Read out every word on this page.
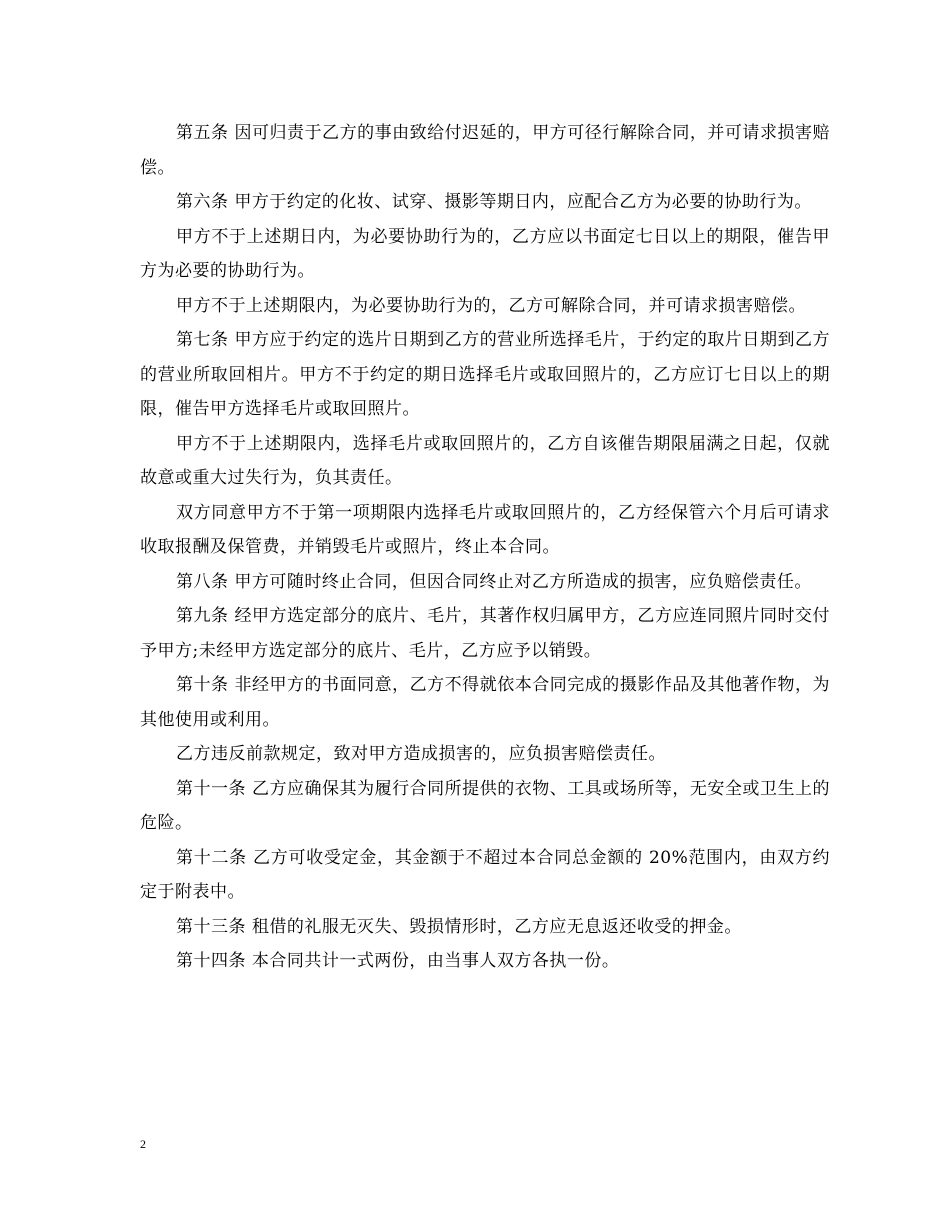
第五条 因可归责于乙方的事由致给付迟延的，甲方可径行解除合同，并可请求损害赔偿。

第六条 甲方于约定的化妆、试穿、摄影等期日内，应配合乙方为必要的协助行为。

甲方不于上述期日内，为必要协助行为的，乙方应以书面定七日以上的期限，催告甲方为必要的协助行为。

甲方不于上述期限内，为必要协助行为的，乙方可解除合同，并可请求损害赔偿。

第七条 甲方应于约定的选片日期到乙方的营业所选择毛片，于约定的取片日期到乙方的营业所取回相片。甲方不于约定的期日选择毛片或取回照片的，乙方应订七日以上的期限，催告甲方选择毛片或取回照片。

甲方不于上述期限内，选择毛片或取回照片的，乙方自该催告期限届满之日起，仅就故意或重大过失行为，负其责任。

双方同意甲方不于第一项期限内选择毛片或取回照片的，乙方经保管六个月后可请求收取报酬及保管费，并销毁毛片或照片，终止本合同。

第八条 甲方可随时终止合同，但因合同终止对乙方所造成的损害，应负赔偿责任。

第九条 经甲方选定部分的底片、毛片，其著作权归属甲方，乙方应连同照片同时交付予甲方;未经甲方选定部分的底片、毛片，乙方应予以销毁。

第十条 非经甲方的书面同意，乙方不得就依本合同完成的摄影作品及其他著作物，为其他使用或利用。

乙方违反前款规定，致对甲方造成损害的，应负损害赔偿责任。

第十一条 乙方应确保其为履行合同所提供的衣物、工具或场所等，无安全或卫生上的危险。

第十二条 乙方可收受定金，其金额于不超过本合同总金额的 20%范围内，由双方约定于附表中。

第十三条 租借的礼服无灭失、毁损情形时，乙方应无息返还收受的押金。

第十四条 本合同共计一式两份，由当事人双方各执一份。

2
